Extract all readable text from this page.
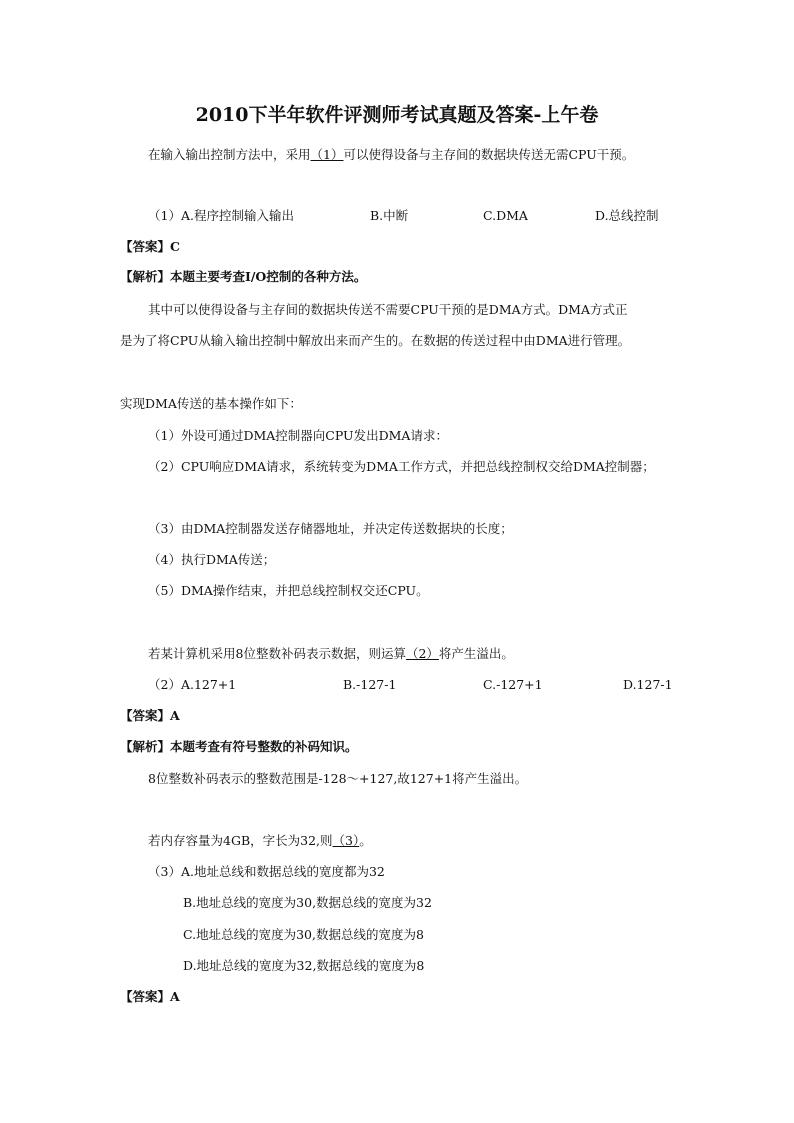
2010下半年软件评测师考试真题及答案-上午卷
在输入输出控制方法中，采用（1）可以使得设备与主存间的数据块传送无需CPU干预。
（1）A.程序控制输入输出	B.中断	C.DMA	D.总线控制
【答案】C
【解析】本题主要考查I/O控制的各种方法。
其中可以使得设备与主存间的数据块传送不需要CPU干预的是DMA方式。DMA方式正
是为了将CPU从输入输出控制中解放出来而产生的。在数据的传送过程中由DMA进行管理。
实现DMA传送的基本操作如下：
（1）外设可通过DMA控制器向CPU发出DMA请求：
（2）CPU响应DMA请求，系统转变为DMA工作方式，并把总线控制权交给DMA控制器；
（3）由DMA控制器发送存储器地址，并决定传送数据块的长度；
（4）执行DMA传送；
（5）DMA操作结束，并把总线控制权交还CPU。
若某计算机采用8位整数补码表示数据，则运算（2）将产生溢出。
（2）A.127+1	B.-127-1	C.-127+1	D.127-1
【答案】A
【解析】本题考查有符号整数的补码知识。
8位整数补码表示的整数范围是-128～+127,故127+1将产生溢出。
若内存容量为4GB，字长为32,则（3）。
（3）A.地址总线和数据总线的宽度都为32
B.地址总线的宽度为30,数据总线的宽度为32
C.地址总线的宽度为30,数据总线的宽度为8
D.地址总线的宽度为32,数据总线的宽度为8
【答案】A
